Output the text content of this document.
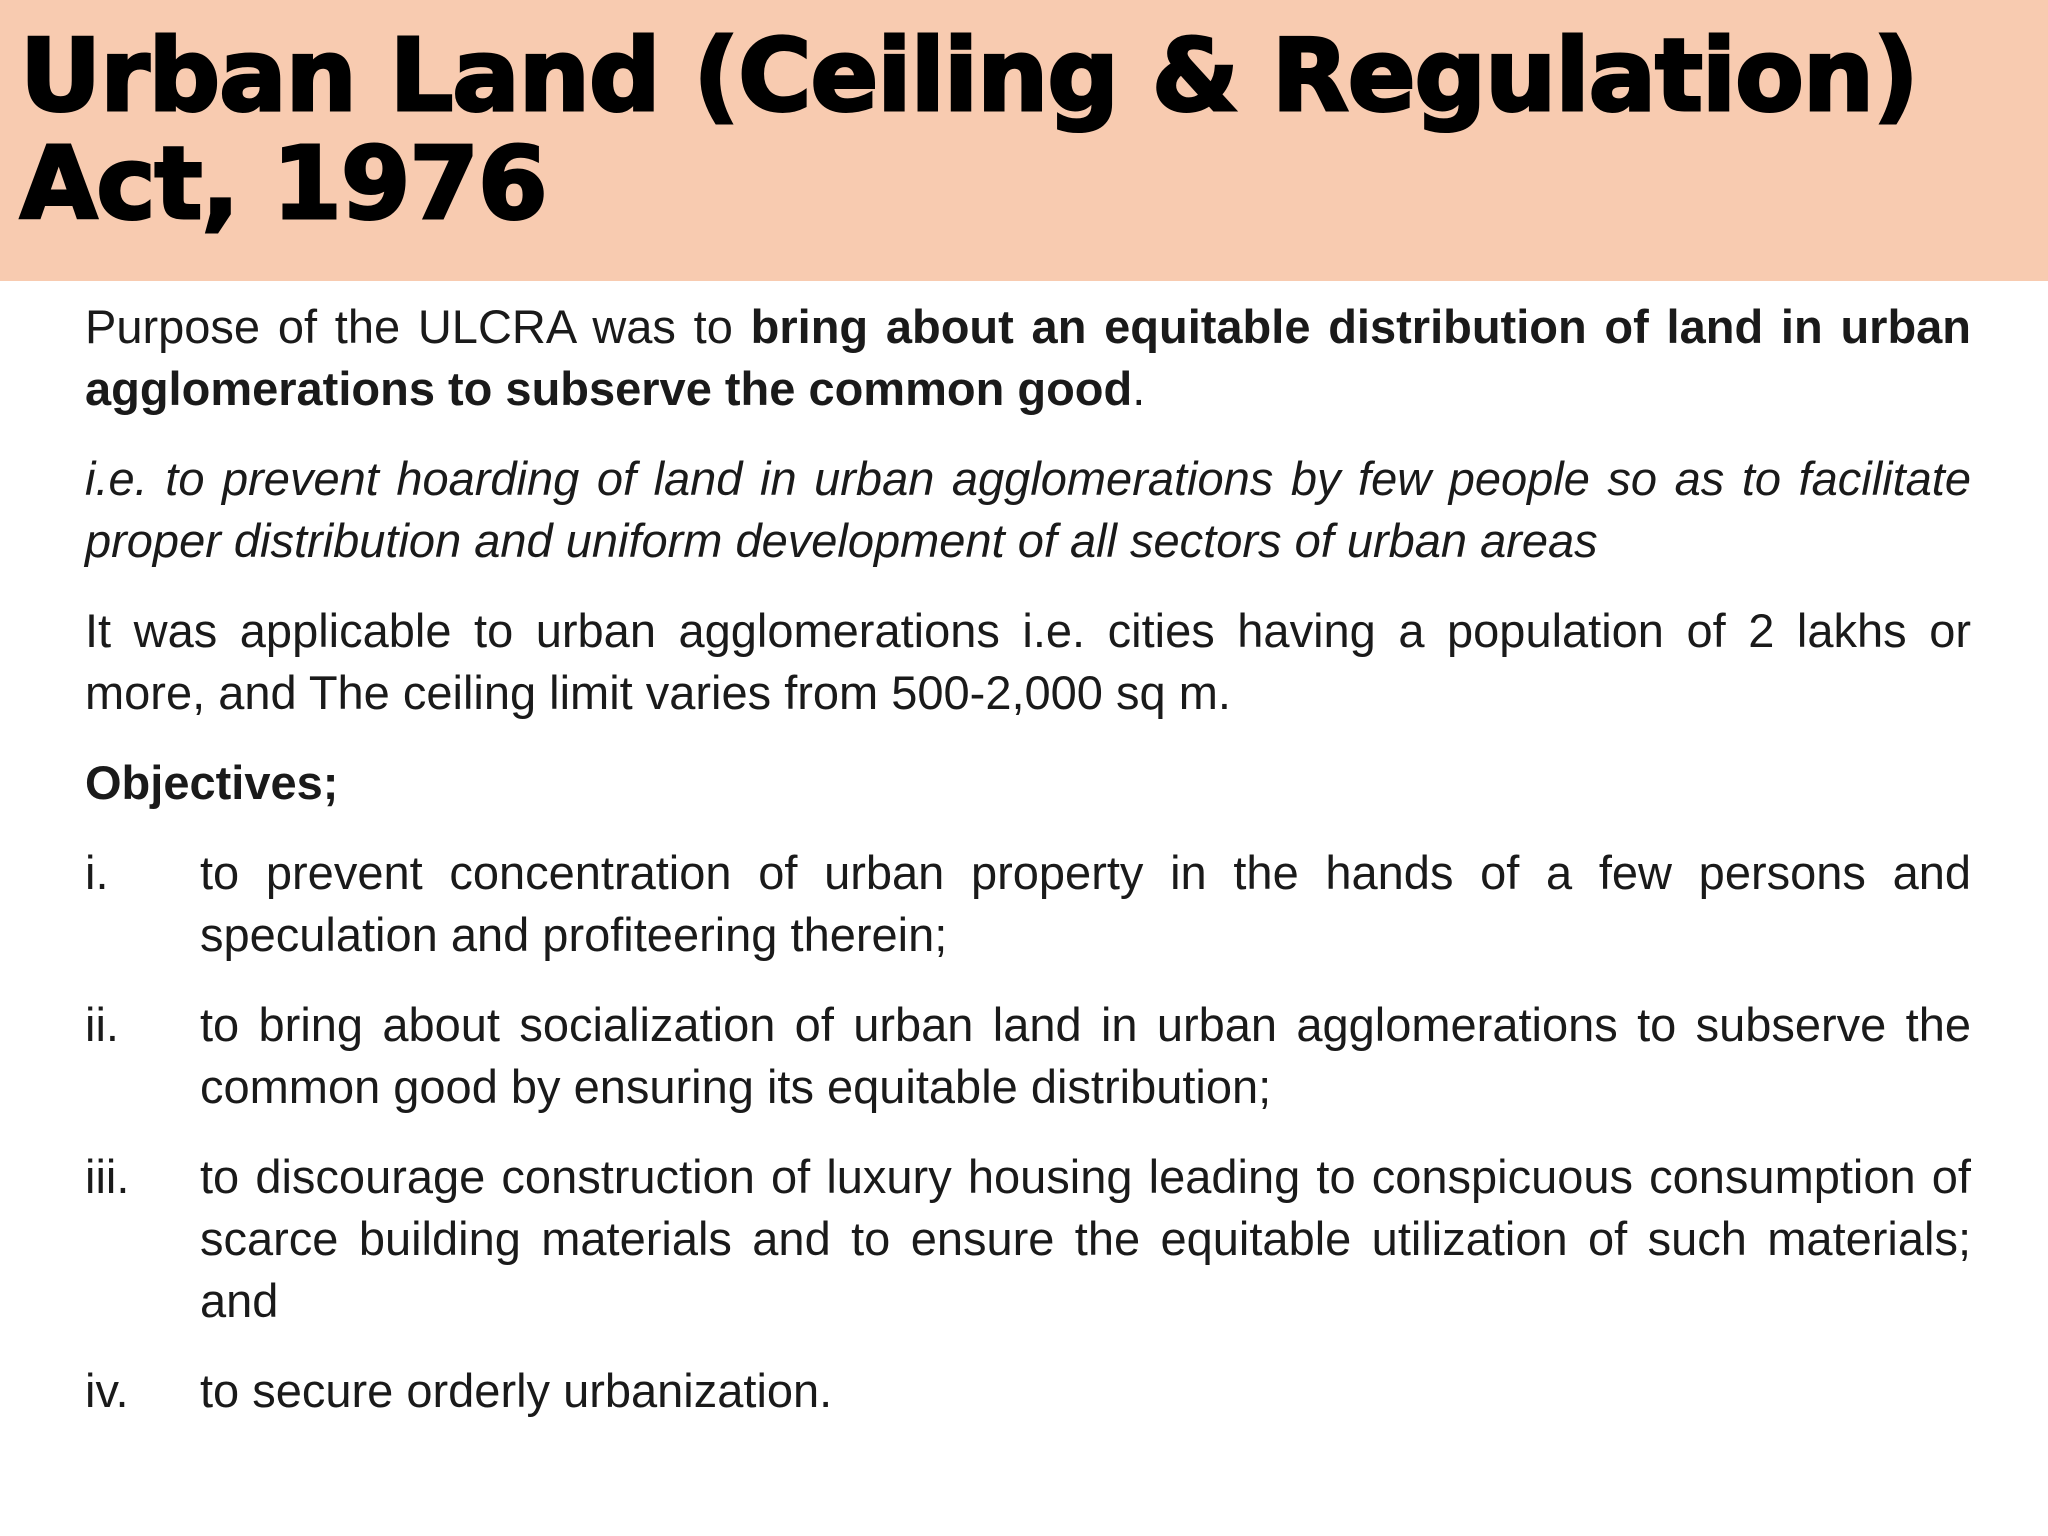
Urban Land (Ceiling & Regulation)
Act, 1976

Purpose of the ULCRA was to bring about an equitable distribution of land in urban agglomerations to subserve the common good.

i.e. to prevent hoarding of land in urban agglomerations by few people so as to facilitate proper distribution and uniform development of all sectors of urban areas

It was applicable to urban agglomerations i.e. cities having a population of 2 lakhs or more, and The ceiling limit varies from 500-2,000 sq m.

Objectives;

i.	to prevent concentration of urban property in the hands of a few persons and speculation and profiteering therein;
ii.	to bring about socialization of urban land in urban agglomerations to subserve the common good by ensuring its equitable distribution;
iii.	to discourage construction of luxury housing leading to conspicuous consumption of scarce building materials and to ensure the equitable utilization of such materials; and
iv.	to secure orderly urbanization.
